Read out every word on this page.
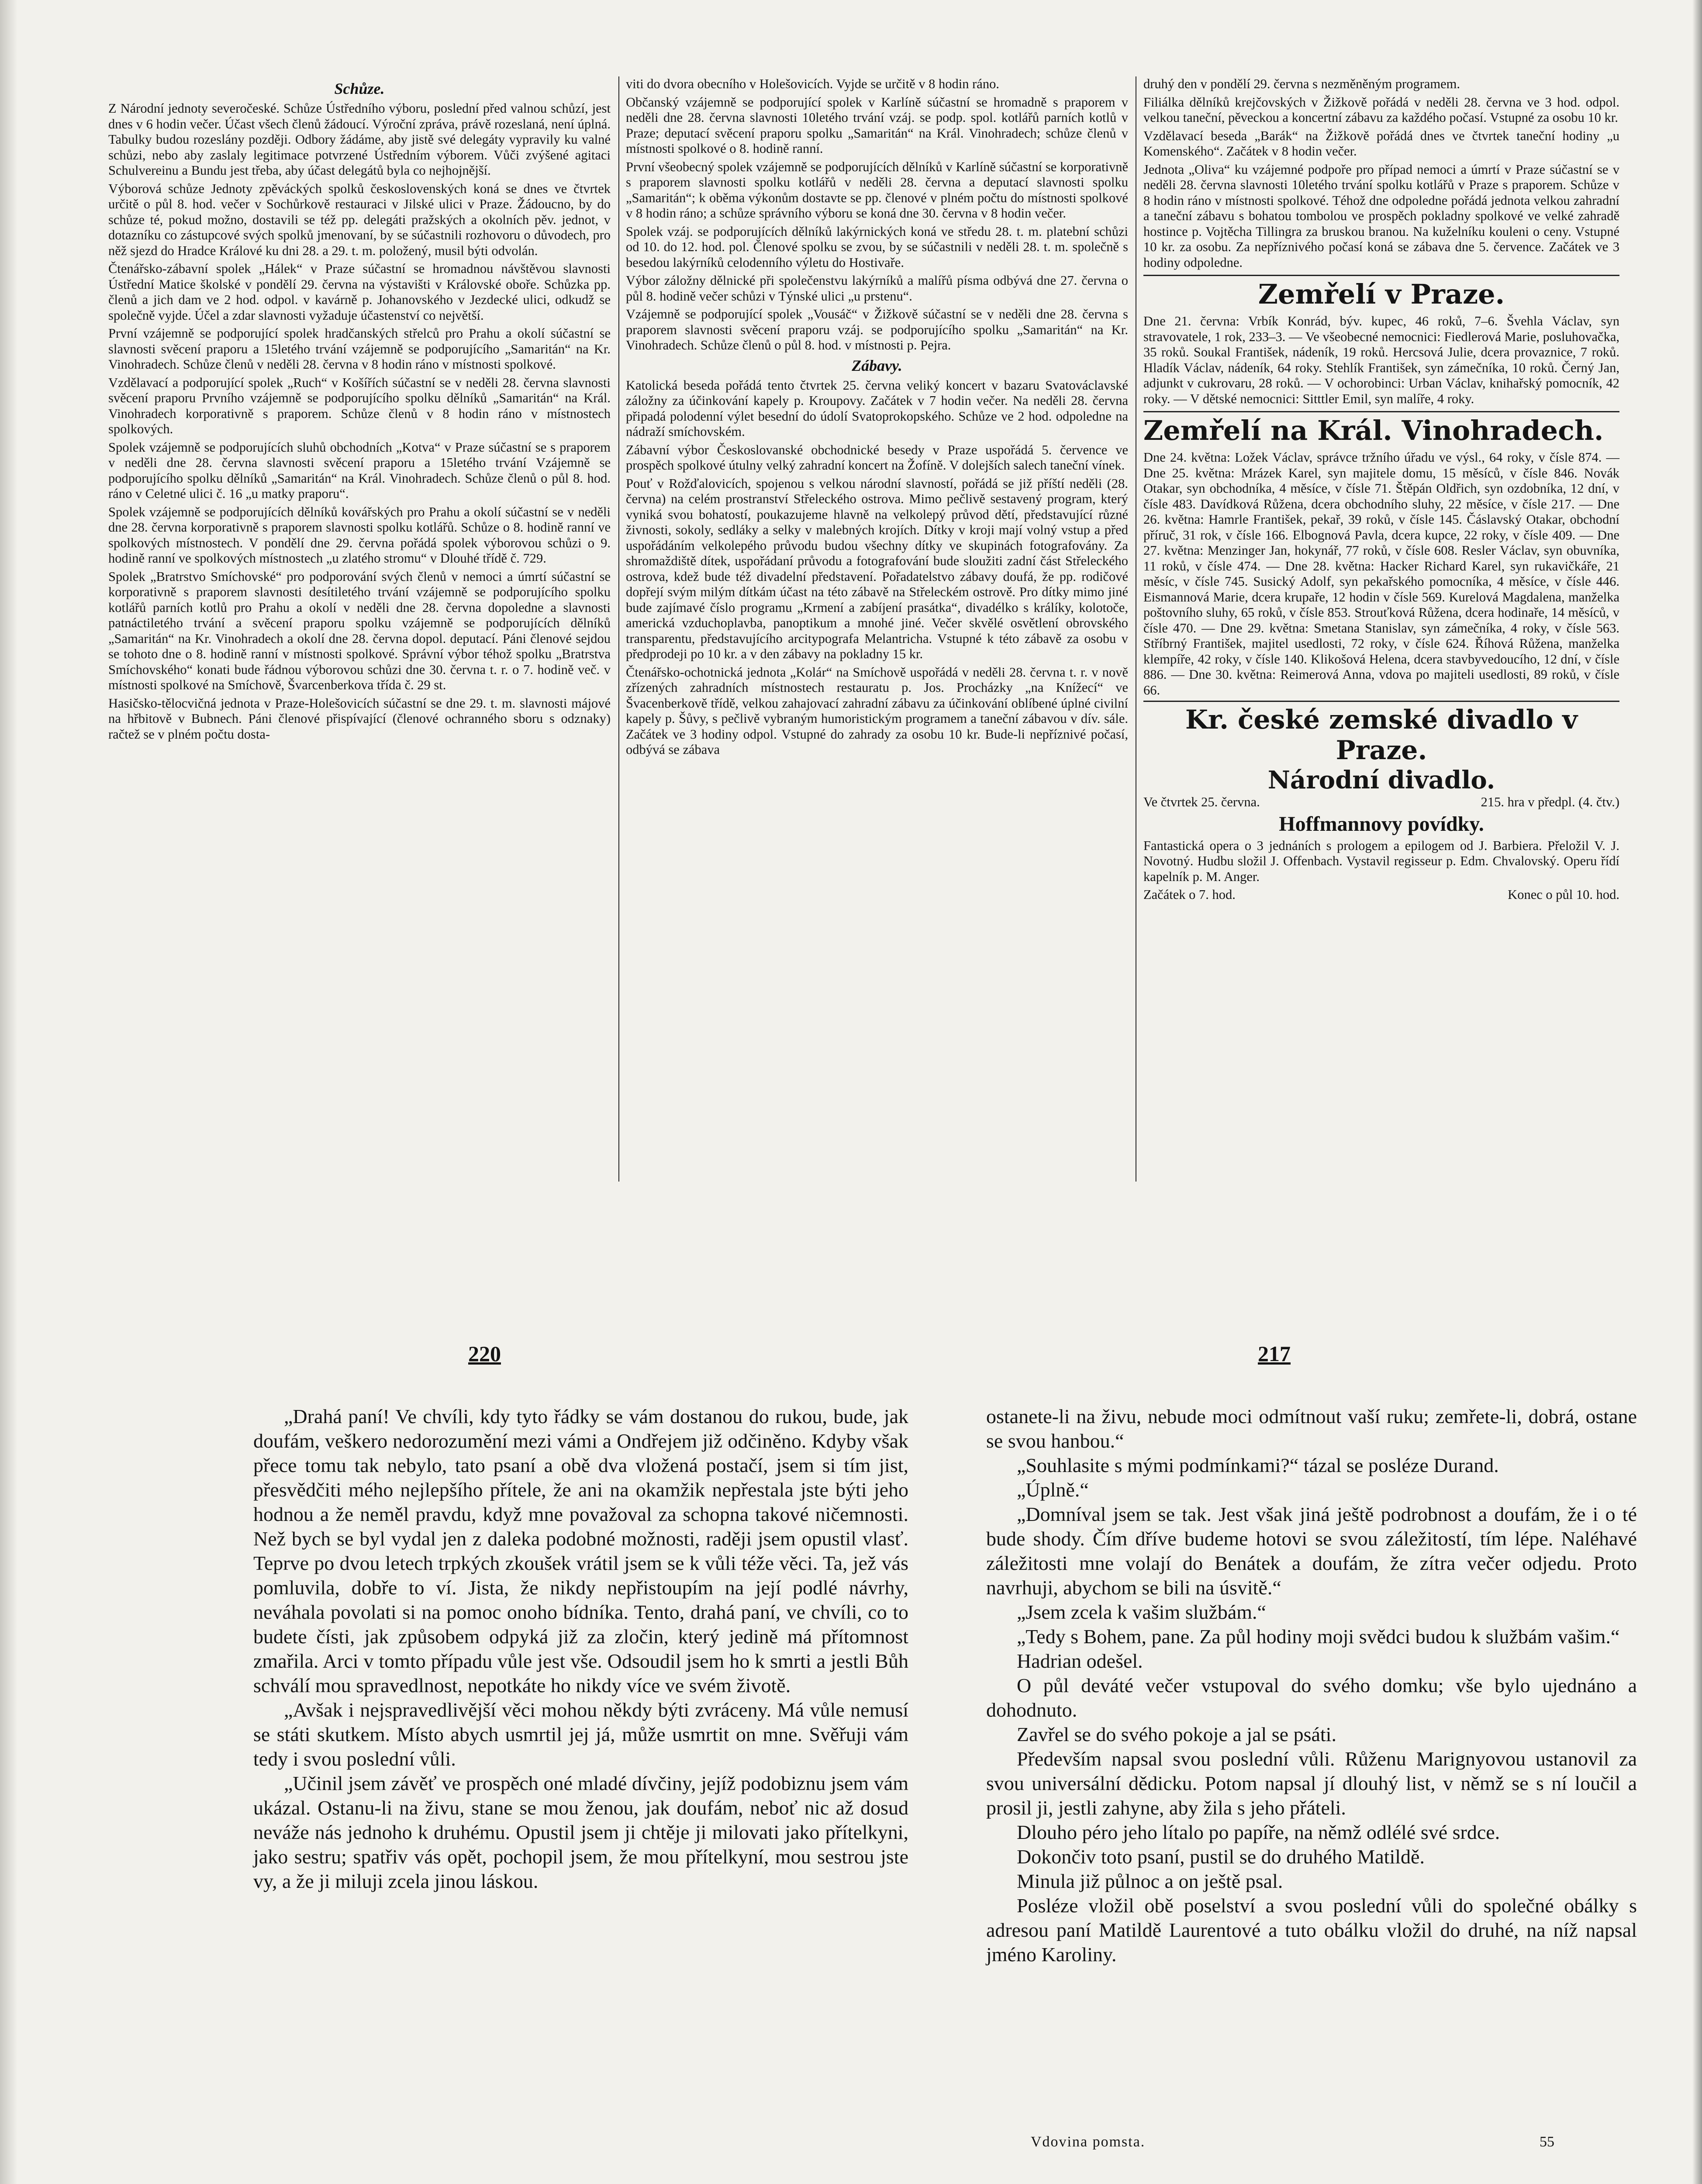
Schůze.

Z Národní jednoty severočeské. Schůze Ústředního výboru, poslední před valnou schůzí, jest dnes v 6 hodin večer. Účast všech členů žádoucí. Výroční zpráva, právě rozeslaná, není úplná. Tabulky budou rozeslány později. Odbory žádáme, aby jistě své delegáty vypravily ku valné schůzi, nebo aby zaslaly legitimace potvrzené Ústředním výborem. Vůči zvýšené agitaci Schulvereinu a Bundu jest třeba, aby účast delegátů byla co nejhojnější.

Výborová schůze Jednoty zpěváckých spolků československých koná se dnes ve čtvrtek určitě o půl 8. hod. večer v Sochůrkově restauraci v Jilské ulici v Praze. Žádoucno, by do schůze té, pokud možno, dostavili se též pp. delegáti pražských a okolních pěv. jednot, v dotazníku co zástupcové svých spolků jmenovaní, by se súčastnili rozhovoru o důvodech, pro něž sjezd do Hradce Králové ku dni 28. a 29. t. m. položený, musil býti odvolán.

Čtenářsko-zábavní spolek „Hálek“ v Praze súčastní se hromadnou návštěvou slavnosti Ústřední Matice školské v pondělí 29. června na výstavišti v Královské oboře. Schůzka pp. členů a jich dam ve 2 hod. odpol. v kavárně p. Johanovského v Jezdecké ulici, odkudž se společně vyjde. Účel a zdar slavnosti vyžaduje účastenství co největší.

První vzájemně se podporující spolek hradčanských střelců pro Prahu a okolí súčastní se slavnosti svěcení praporu a 15letého trvání vzájemně se podporujícího „Samaritán“ na Kr. Vinohradech. Schůze členů v neděli 28. června v 8 hodin ráno v místnosti spolkové.

Vzdělavací a podporující spolek „Ruch“ v Košířích súčastní se v neděli 28. června slavnosti svěcení praporu Prvního vzájemně se podporujícího spolku dělníků „Samaritán“ na Král. Vinohradech korporativně s praporem. Schůze členů v 8 hodin ráno v místnostech spolkových.

Spolek vzájemně se podporujících sluhů obchodních „Kotva“ v Praze súčastní se s praporem v neděli dne 28. června slavnosti svěcení praporu a 15letého trvání Vzájemně se podporujícího spolku dělníků „Samaritán“ na Král. Vinohradech. Schůze členů o půl 8. hod. ráno v Celetné ulici č. 16 „u matky praporu“.

Spolek vzájemně se podporujících dělníků kovářských pro Prahu a okolí súčastní se v neděli dne 28. června korporativně s praporem slavnosti spolku kotlářů. Schůze o 8. hodině ranní ve spolkových místnostech. V pondělí dne 29. června pořádá spolek výborovou schůzi o 9. hodině ranní ve spolkových místnostech „u zlatého stromu“ v Dlouhé třídě č. 729.

Spolek „Bratrstvo Smíchovské“ pro podporování svých členů v nemoci a úmrtí súčastní se korporativně s praporem slavnosti desítiletého trvání vzájemně se podporujícího spolku kotlářů parních kotlů pro Prahu a okolí v neděli dne 28. června dopoledne a slavnosti patnáctiletého trvání a svěcení praporu spolku vzájemně se podporujících dělníků „Samaritán“ na Kr. Vinohradech a okolí dne 28. června dopol. deputací. Páni členové sejdou se tohoto dne o 8. hodině ranní v místnosti spolkové. Správní výbor téhož spolku „Bratrstva Smíchovského“ konati bude řádnou výborovou schůzi dne 30. června t. r. o 7. hodině več. v místnosti spolkové na Smíchově, Švarcenberkova třída č. 29 st.

Hasičsko-tělocvičná jednota v Praze-Holešovicích súčastní se dne 29. t. m. slavnosti májové na hřbitově v Bubnech. Páni členové přispívající (členové ochranného sboru s odznaky) račtež se v plném počtu dosta-

viti do dvora obecního v Holešovicích. Vyjde se určitě v 8 hodin ráno.

Občanský vzájemně se podporující spolek v Karlíně súčastní se hromadně s praporem v neděli dne 28. června slavnosti 10letého trvání vzáj. se podp. spol. kotlářů parních kotlů v Praze; deputací svěcení praporu spolku „Samaritán“ na Král. Vinohradech; schůze členů v místnosti spolkové o 8. hodině ranní.

První všeobecný spolek vzájemně se podporujících dělníků v Karlíně súčastní se korporativně s praporem slavnosti spolku kotlářů v neděli 28. června a deputací slavnosti spolku „Samaritán“; k oběma výkonům dostavte se pp. členové v plném počtu do místnosti spolkové v 8 hodin ráno; a schůze správního výboru se koná dne 30. června v 8 hodin večer.

Spolek vzáj. se podporujících dělníků lakýrnických koná ve středu 28. t. m. platební schůzi od 10. do 12. hod. pol. Členové spolku se zvou, by se súčastnili v neděli 28. t. m. společně s besedou lakýrníků celodenního výletu do Hostivaře.

Výbor záložny dělnické při společenstvu lakýrníků a malířů písma odbývá dne 27. června o půl 8. hodině večer schůzi v Týnské ulici „u prstenu“.

Vzájemně se podporující spolek „Vousáč“ v Žižkově súčastní se v neděli dne 28. června s praporem slavnosti svěcení praporu vzáj. se podporujícího spolku „Samaritán“ na Kr. Vinohradech. Schůze členů o půl 8. hod. v místnosti p. Pejra.

Zábavy.

Katolická beseda pořádá tento čtvrtek 25. června veliký koncert v bazaru Svatováclavské záložny za účinkování kapely p. Kroupovy. Začátek v 7 hodin večer. Na neděli 28. června připadá polodenní výlet besední do údolí Svatoprokopského. Schůze ve 2 hod. odpoledne na nádraží smíchovském.

Zábavní výbor Českoslovanské obchodnické besedy v Praze uspořádá 5. července ve prospěch spolkové útulny velký zahradní koncert na Žofíně. V dolejších salech taneční vínek.

Pouť v Rožďalovicích, spojenou s velkou národní slavností, pořádá se již příští neděli (28. června) na celém prostranství Střeleckého ostrova. Mimo pečlivě sestavený program, který vyniká svou bohatostí, poukazujeme hlavně na velkolepý průvod dětí, představující různé živnosti, sokoly, sedláky a selky v malebných krojích. Dítky v kroji mají volný vstup a před uspořádáním velkolepého průvodu budou všechny dítky ve skupinách fotografovány. Za shromaždiště dítek, uspořádaní průvodu a fotografování bude sloužiti zadní část Střeleckého ostrova, kdež bude též divadelní představení. Pořadatelstvo zábavy doufá, že pp. rodičové dopřejí svým milým dítkám účast na této zábavě na Střeleckém ostrově. Pro dítky mimo jiné bude zajímavé číslo programu „Krmení a zabíjení prasátka“, divadélko s králíky, kolotoče, americká vzduchoplavba, panoptikum a mnohé jiné. Večer skvělé osvětlení obrovského transparentu, představujícího arcitypografa Melantricha. Vstupné k této zábavě za osobu v předprodeji po 10 kr. a v den zábavy na pokladny 15 kr.

Čtenářsko-ochotnická jednota „Kolár“ na Smíchově uspořádá v neděli 28. června t. r. v nově zřízených zahradních místnostech restauratu p. Jos. Procházky „na Knížecí“ ve Švacenberkově třídě, velkou zahajovací zahradní zábavu za účinkování oblíbené úplné civilní kapely p. Šůvy, s pečlivě vybraným humoristickým programem a taneční zábavou v dív. sále. Začátek ve 3 hodiny odpol. Vstupné do zahrady za osobu 10 kr. Bude-li nepříznivé počasí, odbývá se zábava

druhý den v pondělí 29. června s nezměněným programem.

Filiálka dělníků krejčovských v Žižkově pořádá v neděli 28. června ve 3 hod. odpol. velkou taneční, pěveckou a koncertní zábavu za každého počasí. Vstupné za osobu 10 kr.

Vzdělavací beseda „Barák“ na Žižkově pořádá dnes ve čtvrtek taneční hodiny „u Komenského“. Začátek v 8 hodin večer.

Jednota „Oliva“ ku vzájemné podpoře pro případ nemoci a úmrtí v Praze súčastní se v neděli 28. června slavnosti 10letého trvání spolku kotlářů v Praze s praporem. Schůze v 8 hodin ráno v místnosti spolkové. Téhož dne odpoledne pořádá jednota velkou zahradní a taneční zábavu s bohatou tombolou ve prospěch pokladny spolkové ve velké zahradě hostince p. Vojtěcha Tillingra za bruskou branou. Na kuželníku kouleni o ceny. Vstupné 10 kr. za osobu. Za nepříznivého počasí koná se zábava dne 5. července. Začátek ve 3 hodiny odpoledne.

Zemřelí v Praze.

Dne 21. června: Vrbík Konrád, býv. kupec, 46 roků, 7–6. Švehla Václav, syn stravovatele, 1 rok, 233–3. — Ve všeobecné nemocnici: Fiedlerová Marie, posluhovačka, 35 roků. Soukal František, nádeník, 19 roků. Hercsová Julie, dcera provaznice, 7 roků. Hladík Václav, nádeník, 64 roky. Stehlík František, syn zámečníka, 10 roků. Černý Jan, adjunkt v cukrovaru, 28 roků. — V ochorobinci: Urban Václav, knihařský pomocník, 42 roky. — V dětské nemocnici: Sitttler Emil, syn malíře, 4 roky.

Zemřelí na Král. Vinohradech.

Dne 24. května: Ložek Václav, správce tržního úřadu ve výsl., 64 roky, v čísle 874. — Dne 25. května: Mrázek Karel, syn majitele domu, 15 měsíců, v čísle 846. Novák Otakar, syn obchodníka, 4 měsíce, v čísle 71. Štěpán Oldřich, syn ozdobníka, 12 dní, v čísle 483. Davídková Růžena, dcera obchodního sluhy, 22 měsíce, v čísle 217. — Dne 26. května: Hamrle František, pekař, 39 roků, v čísle 145. Čáslavský Otakar, obchodní příruč, 31 rok, v čísle 166. Elbognová Pavla, dcera kupce, 22 roky, v čísle 409. — Dne 27. května: Menzinger Jan, hokynář, 77 roků, v čísle 608. Resler Václav, syn obuvníka, 11 roků, v čísle 474. — Dne 28. května: Hacker Richard Karel, syn rukavičkáře, 21 měsíc, v čísle 745. Susický Adolf, syn pekařského pomocníka, 4 měsíce, v čísle 446. Eismannová Marie, dcera krupaře, 12 hodin v čísle 569. Kurelová Magdalena, manželka poštovního sluhy, 65 roků, v čísle 853. Strouťková Růžena, dcera hodinaře, 14 měsíců, v čísle 470. — Dne 29. května: Smetana Stanislav, syn zámečníka, 4 roky, v čísle 563. Stříbrný František, majitel usedlosti, 72 roky, v čísle 624. Říhová Růžena, manželka klempíře, 42 roky, v čísle 140. Klikošová Helena, dcera stavbyvedoucího, 12 dní, v čísle 886. — Dne 30. května: Reimerová Anna, vdova po majiteli usedlosti, 89 roků, v čísle 66.

Kr. české zemské divadlo v Praze.
Národní divadlo.
Ve čtvrtek 25. června.	215. hra v předpl. (4. čtv.)
Hoffmannovy povídky.

Fantastická opera o 3 jednáních s prologem a epilogem od J. Barbiera. Přeložil V. J. Novotný. Hudbu složil J. Offenbach. Vystavil regisseur p. Edm. Chvalovský. Operu řídí kapelník p. M. Anger.

Začátek o 7. hod.	Konec o půl 10. hod.
220	217

„Drahá paní! Ve chvíli, kdy tyto řádky se vám dostanou do rukou, bude, jak doufám, veškero nedorozumění mezi vámi a Ondřejem již odčiněno. Kdyby však přece tomu tak nebylo, tato psaní a obě dva vložená postačí, jsem si tím jist, přesvědčiti mého nejlepšího přítele, že ani na okamžik nepřestala jste býti jeho hodnou a že neměl pravdu, když mne považoval za schopna takové ničemnosti. Než bych se byl vydal jen z daleka podobné možnosti, raději jsem opustil vlasť. Teprve po dvou letech trpkých zkoušek vrátil jsem se k vůli téže věci. Ta, jež vás pomluvila, dobře to ví. Jista, že nikdy nepřistoupím na její podlé návrhy, neváhala povolati si na pomoc onoho bídníka. Tento, drahá paní, ve chvíli, co to budete čísti, jak způsobem odpyká již za zločin, který jedině má přítomnost zmařila. Arci v tomto případu vůle jest vše. Odsoudil jsem ho k smrti a jestli Bůh schválí mou spravedlnost, nepotkáte ho nikdy více ve svém životě.

„Avšak i nejspravedlivější věci mohou někdy býti zvráceny. Má vůle nemusí se státi skutkem. Místo abych usmrtil jej já, může usmrtit on mne. Svěřuji vám tedy i svou poslední vůli.

„Učinil jsem závěť ve prospěch oné mladé dívčiny, jejíž podobiznu jsem vám ukázal. Ostanu-li na živu, stane se mou ženou, jak doufám, neboť nic až dosud neváže nás jednoho k druhému. Opustil jsem ji chtěje ji milovati jako přítelkyni, jako sestru; spatřiv vás opět, pochopil jsem, že mou přítelkyní, mou sestrou jste vy, a že ji miluji zcela jinou láskou.

ostanete-li na živu, nebude moci odmítnout vaší ruku; zemřete-li, dobrá, ostane se svou hanbou.“

„Souhlasite s mými podmínkami?“ tázal se posléze Durand.

„Úplně.“

„Domníval jsem se tak. Jest však jiná ještě podrobnost a doufám, že i o té bude shody. Čím dříve budeme hotovi se svou záležitostí, tím lépe. Naléhavé záležitosti mne volají do Benátek a doufám, že zítra večer odjedu. Proto navrhuji, abychom se bili na úsvitě.“

„Jsem zcela k vašim službám.“

„Tedy s Bohem, pane. Za půl hodiny moji svědci budou k službám vašim.“

Hadrian odešel.

O půl deváté večer vstupoval do svého domku; vše bylo ujednáno a dohodnuto.

Zavřel se do svého pokoje a jal se psáti.

Především napsal svou poslední vůli. Růženu Marignyovou ustanovil za svou universální dědicku. Potom napsal jí dlouhý list, v němž se s ní loučil a prosil ji, jestli zahyne, aby žila s jeho přáteli.

Dlouho péro jeho lítalo po papíře, na němž odlélé své srdce.

Dokončiv toto psaní, pustil se do druhého Matildě.

Minula již půlnoc a on ještě psal.

Posléze vložil obě poselství a svou poslední vůli do společné obálky s adresou paní Matildě Laurentové a tuto obálku vložil do druhé, na níž napsal jméno Karoliny.

Vdovina pomsta.	55
